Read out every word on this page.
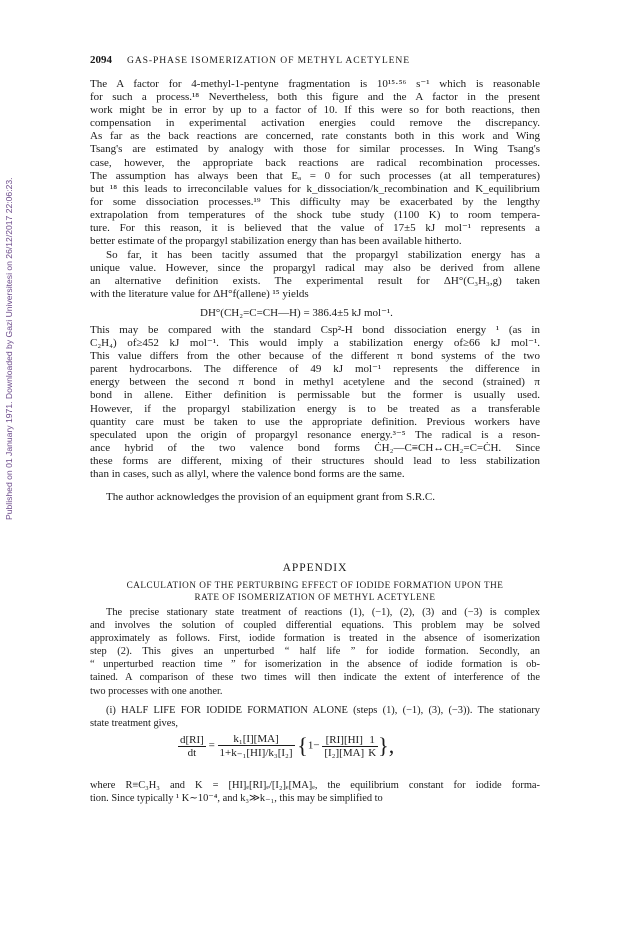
Published on 01 January 1971. Downloaded by Gazi Universitesi on 26/12/2017 22:06:23.
2094 GAS-PHASE ISOMERIZATION OF METHYL ACETYLENE
The A factor for 4-methyl-1-pentyne fragmentation is 10¹⁵·⁵⁶ s⁻¹ which is reasonable
for such a process.¹⁸ Nevertheless, both this figure and the A factor in the present
work might be in error by up to a factor of 10. If this were so for both reactions, then
compensation in experimental activation energies could remove the discrepancy.
As far as the back reactions are concerned, rate constants both in this work and Wing
Tsang's are estimated by analogy with those for similar processes. In Wing Tsang's
case, however, the appropriate back reactions are radical recombination processes.
The assumption has always been that Eₐ = 0 for such processes (at all temperatures)
but ¹⁸ this leads to irreconcilable values for k_dissociation/k_recombination and K_equilibrium
for some dissociation processes.¹⁹ This difficulty may be exacerbated by the lengthy
extrapolation from temperatures of the shock tube study (1100 K) to room tempera-
ture. For this reason, it is believed that the value of 17±5 kJ mol⁻¹ represents a
better estimate of the propargyl stabilization energy than has been available hitherto.
So far, it has been tacitly assumed that the propargyl stabilization energy has a
unique value. However, since the propargyl radical may also be derived from allene
an alternative definition exists. The experimental result for ΔH°(C₃H₃,g) taken
with the literature value for ΔH°f(allene) ¹⁵ yields
DH°(CH₂=C=CH—H) = 386.4±5 kJ mol⁻¹.
This may be compared with the standard Csp²-H bond dissociation energy ¹ (as in
C₂H₄) of≥452 kJ mol⁻¹. This would imply a stabilization energy of≥66 kJ mol⁻¹.
This value differs from the other because of the different π bond systems of the two
parent hydrocarbons. The difference of 49 kJ mol⁻¹ represents the difference in
energy between the second π bond in methyl acetylene and the second (strained) π
bond in allene. Either definition is permissable but the former is usually used.
However, if the propargyl stabilization energy is to be treated as a transferable
quantity care must be taken to use the appropriate definition. Previous workers have
speculated upon the origin of propargyl resonance energy.³⁻⁵ The radical is a reson-
ance hybrid of the two valence bond forms ĊH₂—C≡CH↔CH₂=C=ĊH. Since
these forms are different, mixing of their structures should lead to less stabilization
than in cases, such as allyl, where the valence bond forms are the same.
The author acknowledges the provision of an equipment grant from S.R.C.
APPENDIX
CALCULATION OF THE PERTURBING EFFECT OF IODIDE FORMATION UPON THE
RATE OF ISOMERIZATION OF METHYL ACETYLENE
The precise stationary state treatment of reactions (1), (−1), (2), (3) and (−3) is complex
and involves the solution of coupled differential equations. This problem may be solved
approximately as follows. First, iodide formation is treated in the absence of isomerization
step (2). This gives an unperturbed “ half life ” for iodide formation. Secondly, an
“ unperturbed reaction time ” for isomerization in the absence of iodide formation is ob-
tained. A comparison of these two times will then indicate the extent of interference of the
two processes with one another.
(i) HALF LIFE FOR IODIDE FORMATION ALONE (steps (1), (−1), (3), (−3)). The stationary
state treatment gives,
$\frac{d[RI]}{dt} = \frac{\text{k₁[I][MA]}}{\text{1+k₋₁[HI]/k₃[I₂]}} \{1- \frac{[RI][HI]}{\text{[I₂][MA]}} \frac{1}{K}$ },
where R≡C₃H₃ and K = [HI]ₑ[RI]ₑ/[I₂]ₑ[MA]ₑ, the equilibrium constant for iodide forma-
tion. Since typically ¹ K∼10⁻⁴, and k₃≫k₋₁, this may be simplified to
